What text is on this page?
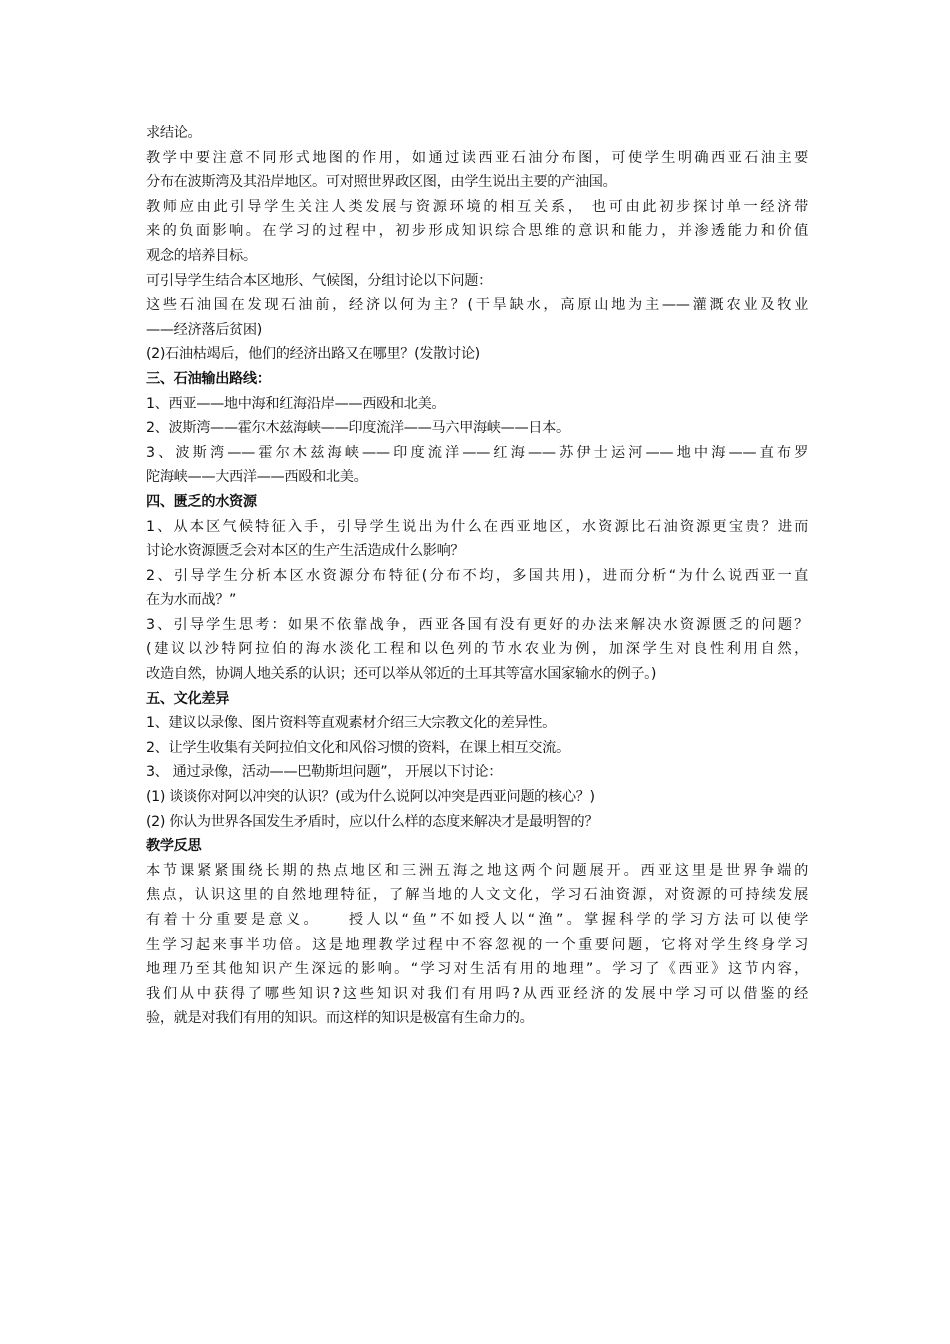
求结论。
教学中要注意不同形式地图的作用，如通过读西亚石油分布图，可使学生明确西亚石油主要
分布在波斯湾及其沿岸地区。可对照世界政区图，由学生说出主要的产油国。
教师应由此引导学生关注人类发展与资源环境的相互关系， 也可由此初步探讨单一经济带
来的负面影响。在学习的过程中，初步形成知识综合思维的意识和能力，并渗透能力和价值
观念的培养目标。
可引导学生结合本区地形、气候图，分组讨论以下问题：
这些石油国在发现石油前，经济以何为主？(干旱缺水，高原山地为主——灌溉农业及牧业
——经济落后贫困)
(2)石油枯竭后，他们的经济出路又在哪里？(发散讨论)
三、石油输出路线：
1、西亚——地中海和红海沿岸——西殴和北美。
2、波斯湾——霍尔木兹海峡——印度流洋——马六甲海峡——日本。
3、波斯湾——霍尔木兹海峡——印度流洋——红海——苏伊士运河——地中海——直布罗
陀海峡——大西洋——西殴和北美。
四、匮乏的水资源
1、从本区气候特征入手，引导学生说出为什么在西亚地区，水资源比石油资源更宝贵？进而
讨论水资源匮乏会对本区的生产生活造成什么影响？
2、引导学生分析本区水资源分布特征(分布不均，多国共用)，进而分析“为什么说西亚一直
在为水而战？”
3、引导学生思考：如果不依靠战争，西亚各国有没有更好的办法来解决水资源匮乏的问题？
(建议以沙特阿拉伯的海水淡化工程和以色列的节水农业为例，加深学生对良性利用自然，
改造自然，协调人地关系的认识；还可以举从邻近的土耳其等富水国家输水的例子。)
五、文化差异
1、建议以录像、图片资料等直观素材介绍三大宗教文化的差异性。
2、让学生收集有关阿拉伯文化和风俗习惯的资料，在课上相互交流。
3、 通过录像，活动——巴勒斯坦问题”， 开展以下讨论：
(1) 谈谈你对阿以冲突的认识？(或为什么说阿以冲突是西亚问题的核心？)
(2) 你认为世界各国发生矛盾时，应以什么样的态度来解决才是最明智的？
教学反思
本节课紧紧围绕长期的热点地区和三洲五海之地这两个问题展开。西亚这里是世界争端的
焦点，认识这里的自然地理特征，了解当地的人文文化，学习石油资源，对资源的可持续发展
有着十分重要是意义。　　授人以“鱼”不如授人以“渔”。掌握科学的学习方法可以使学
生学习起来事半功倍。这是地理教学过程中不容忽视的一个重要问题，它将对学生终身学习
地理乃至其他知识产生深远的影响。“学习对生活有用的地理”。学习了《西亚》这节内容，
我们从中获得了哪些知识?这些知识对我们有用吗?从西亚经济的发展中学习可以借鉴的经
验，就是对我们有用的知识。而这样的知识是极富有生命力的。
